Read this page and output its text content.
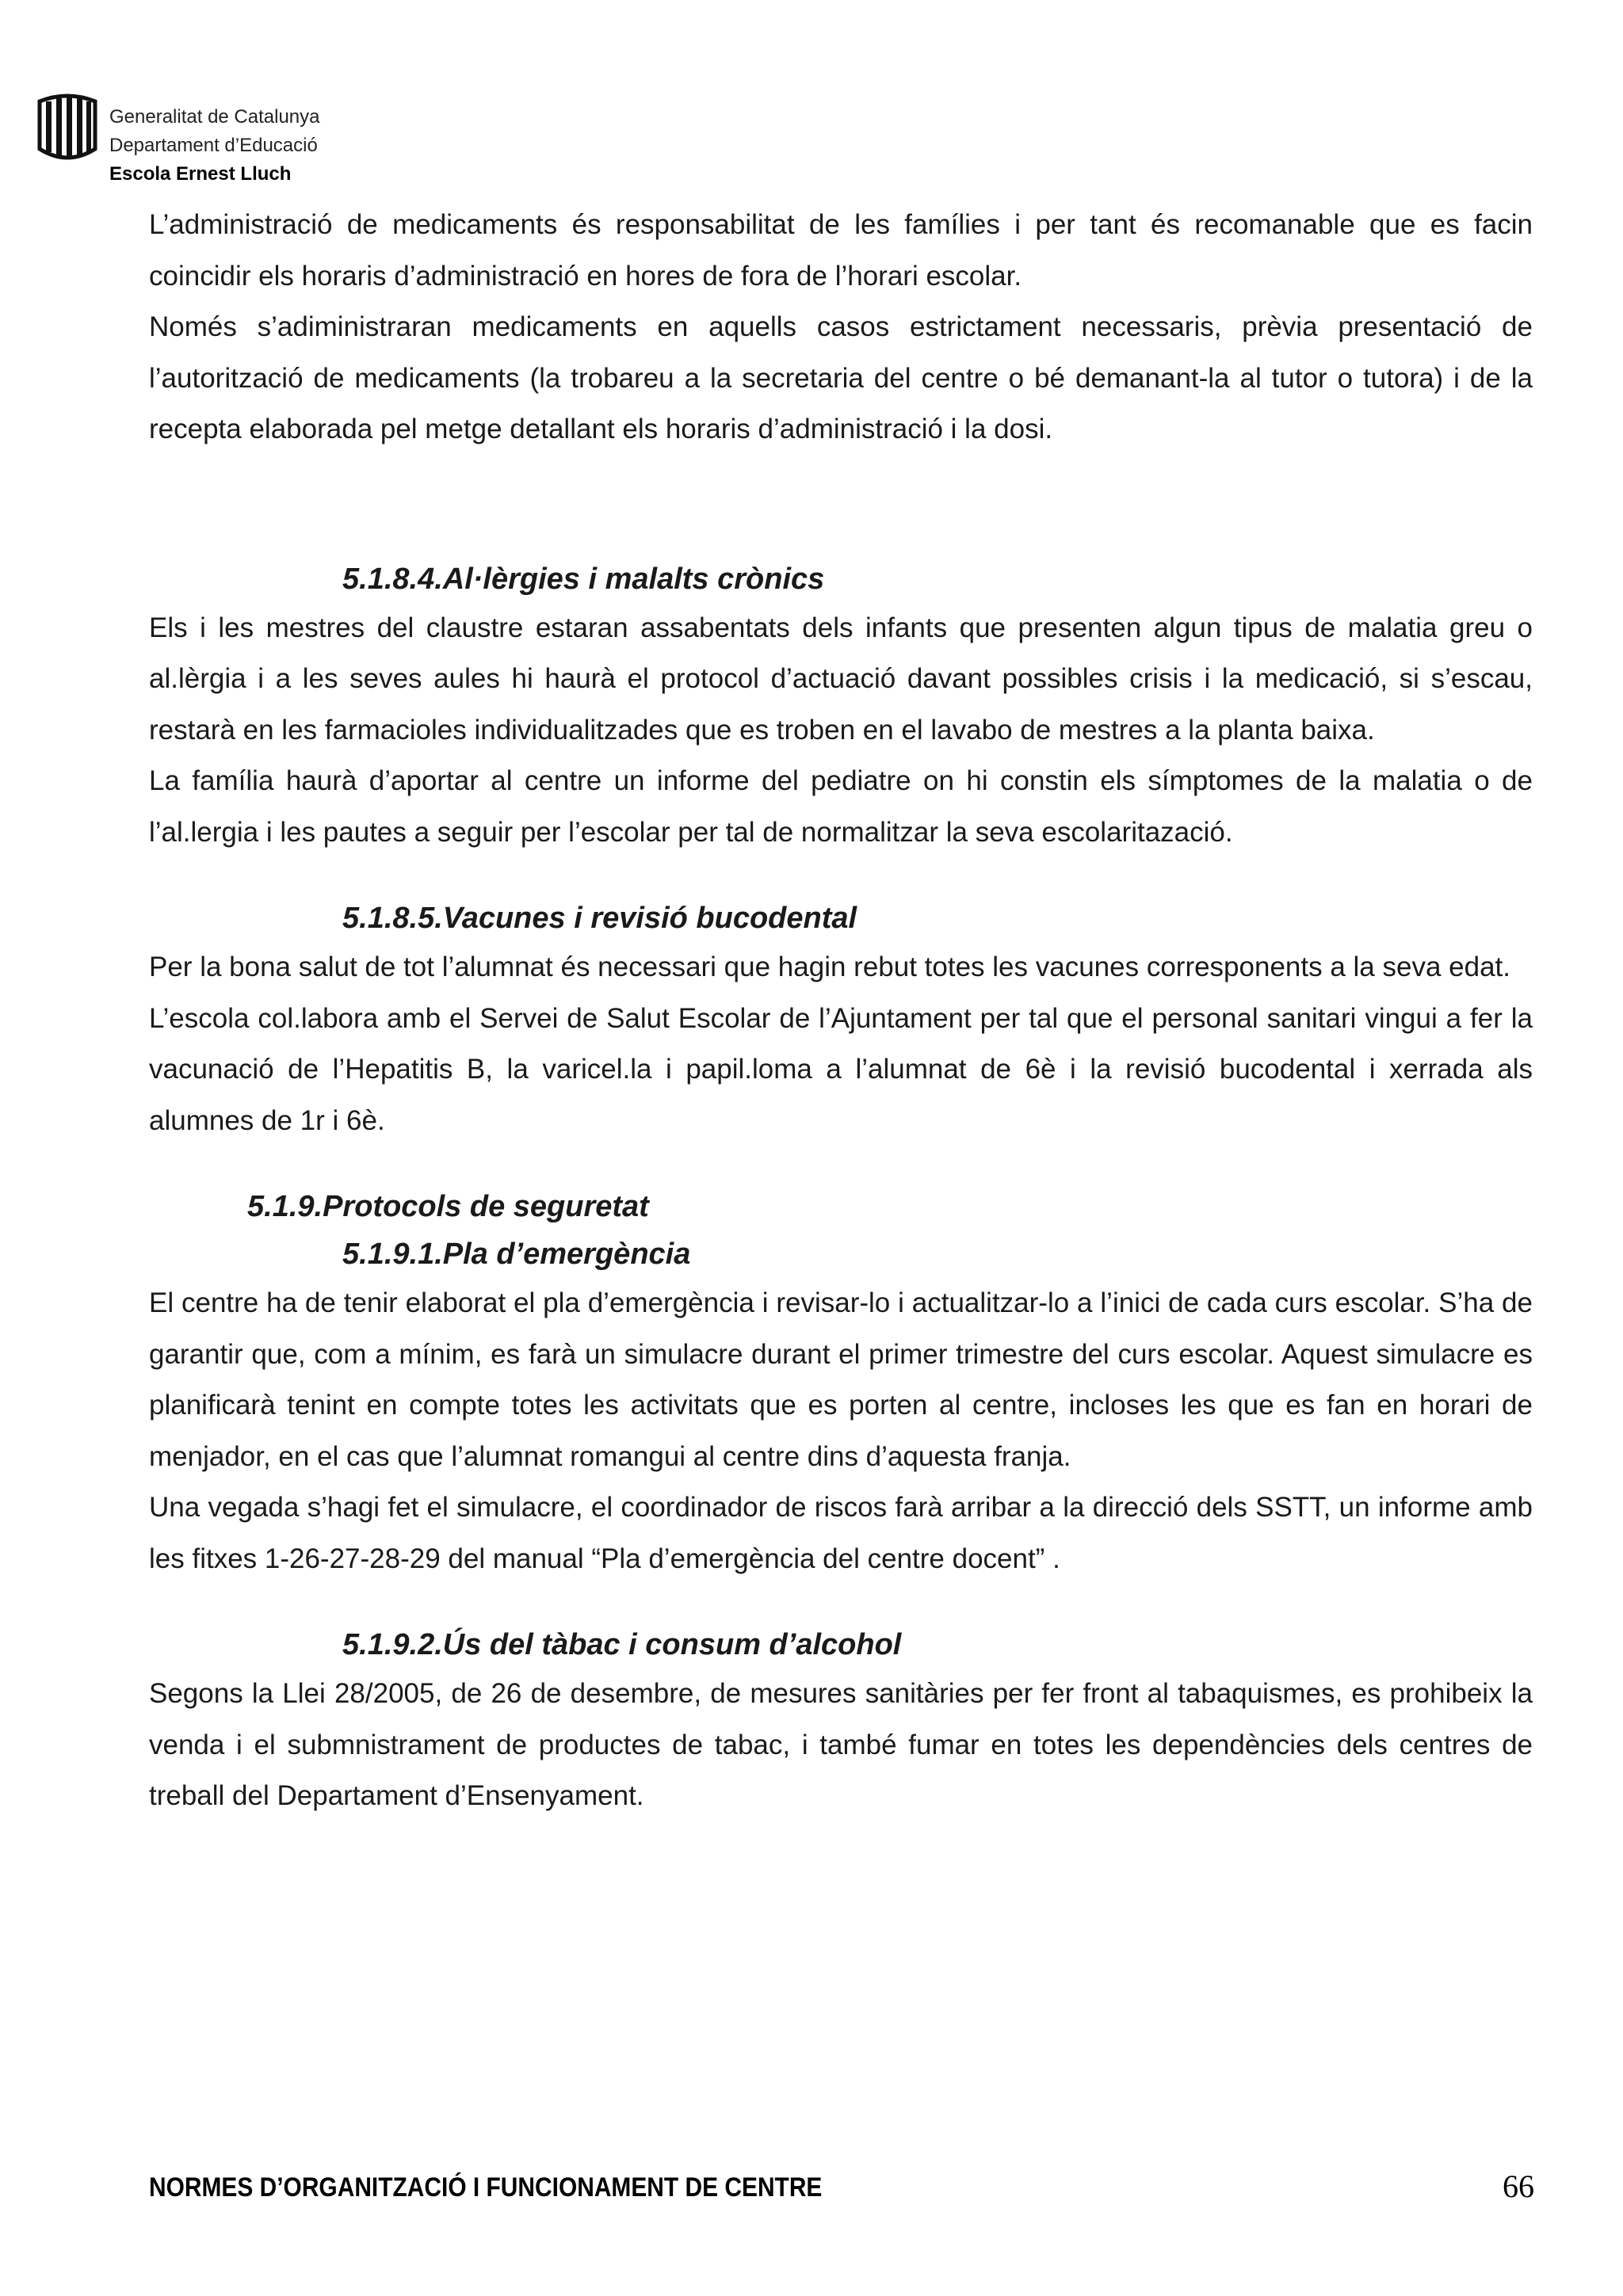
Generalitat de Catalunya
Departament d’Educació
Escola Ernest Lluch

L’administració de medicaments és responsabilitat de les famílies i per tant és recomanable que es facin coincidir els horaris d’administració en hores de fora de l’horari escolar.

Només s’adiministraran medicaments en aquells casos estrictament necessaris, prèvia presentació de l’autorització de medicaments (la trobareu a la secretaria del centre o bé demanant-la al tutor o tutora) i de la recepta elaborada pel metge detallant els horaris d’administració i la dosi.

5.1.8.4.Al·lèrgies i malalts crònics

Els i les mestres del claustre estaran assabentats dels infants que presenten algun tipus de malatia greu o al.lèrgia i a les seves aules hi haurà el protocol d’actuació davant possibles crisis i la medicació, si s’escau, restarà en les farmacioles individualitzades que es troben en el lavabo de mestres a la planta baixa.

La família haurà d’aportar al centre un informe del pediatre on hi constin els símptomes de la malatia o de l’al.lergia i les pautes a seguir per l’escolar per tal de normalitzar la seva escolaritazació.

5.1.8.5.Vacunes i revisió bucodental

Per la bona salut de tot l’alumnat és necessari que hagin rebut totes les vacunes corresponents a la seva edat.

L’escola col.labora amb el Servei de Salut Escolar de l’Ajuntament per tal que el personal sanitari vingui a fer la vacunació de l’Hepatitis B, la varicel.la i papil.loma a l’alumnat de 6è i la revisió bucodental i xerrada als alumnes de 1r i 6è.

5.1.9.Protocols de seguretat
5.1.9.1.Pla d’emergència

El centre ha de tenir elaborat el pla d’emergència i revisar-lo i actualitzar-lo a l’inici de cada curs escolar. S’ha de garantir que, com a mínim, es farà un simulacre durant el primer trimestre del curs escolar. Aquest simulacre es planificarà tenint en compte totes les activitats que es porten al centre, incloses les que es fan en horari de menjador, en el cas que l’alumnat romangui al centre dins d’aquesta franja.

Una vegada s’hagi fet el simulacre, el coordinador de riscos farà arribar a la direcció dels SSTT, un informe amb les fitxes 1-26-27-28-29 del manual “Pla d’emergència del centre docent” .

5.1.9.2.Ús del tàbac i consum d’alcohol

Segons la Llei 28/2005, de 26 de desembre, de mesures sanitàries per fer front al tabaquismes, es prohibeix la venda i el submnistrament de productes de tabac, i també fumar en totes les dependències dels centres de treball del Departament d’Ensenyament.

NORMES D’ORGANITZACIÓ I FUNCIONAMENT DE CENTRE	66
